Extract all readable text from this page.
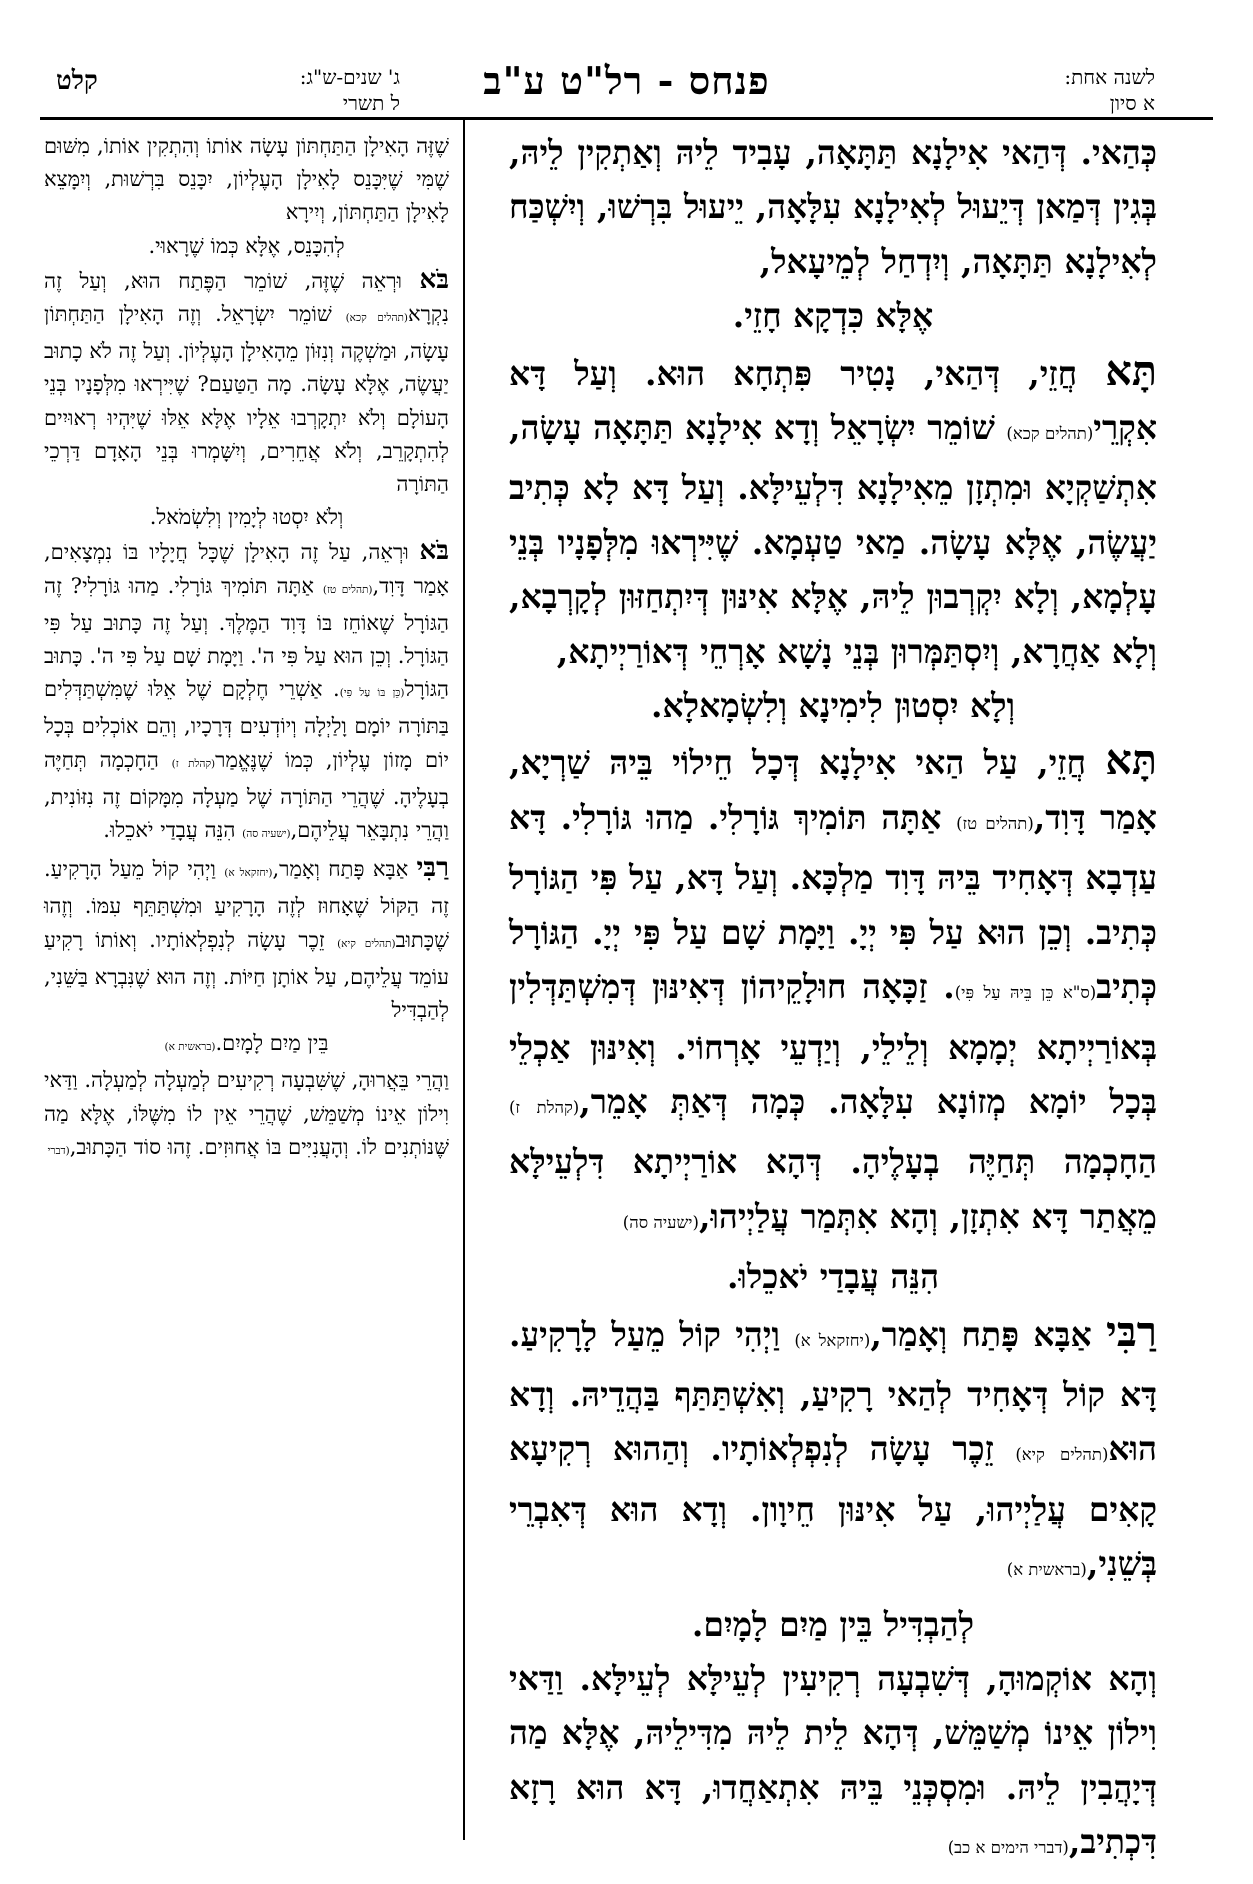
לשנה אחת:
א סיון
פנחס - רל"ט ע"ב
ג' שנים-ש"ג:
ל תשרי
קלט

כְּהַאי. דְּהַאי אִילָנָא תַּתָּאָה, עָבִיד לֵיהּ וְאַתְקִין לֵיהּ, בְּגִין דְּמַאן דְּיֵעוּל לְאִילָנָא עִלָּאָה, יֵיעוּל בִּרְשׁוּ, וְיִשְׁכַּח לְאִילָנָא תַּתָּאָה, וְיִדְחַל לְמֵיעָאל,

אֶלָּא כִּדְקָא חָזֵי.

תָּא חֲזֵי, דְּהַאי, נָטִיר פִּתְחָא הוּא. וְעַל דָּא אִקְרֵי(תהלים קכא) שׁוֹמֵר יִשְׂרָאֵל וְדָא אִילָנָא תַּתָּאָה עָשָׂה, אִתְשַׁקְיָא וּמִתְזָן מֵאִילָנָא דִּלְעֵילָּא. וְעַל דָּא לָא כְּתִיב יַעֲשֶׂה, אֶלָּא עָשָׂה. מַאי טַעְמָא. שֶׁיִּירְאוּ מִלְּפָנָיו בְּנֵי עָלְמָא, וְלָא יִקְרְבוּן לֵיהּ, אֶלָּא אִינּוּן דְּיִתְחַזּוּן לְקָרְבָא, וְלָא אַחֲרָא, וְיִסְתַּמְּרוּן בְּנֵי נָשָׁא אָרְחֵי דְּאוֹרַיְיתָא,

וְלָא יִסְטוּן לִימִינָא וְלִשְׂמָאלָא.

תָּא חֲזֵי, עַל הַאי אִילָנָא דְּכָל חֵילוֹי בֵּיהּ שַׁרְיָא, אָמַר דָּוִד,(תהלים טז) אַתָּה תּוֹמִיךְ גּוֹרָלִי. מַהוּ גּוֹרָלִי. דָּא עַדְבָא דְּאָחִיד בֵּיהּ דָּוִד מַלְכָּא. וְעַל דָּא, עַל פִּי הַגּוֹרָל כְּתִיב. וְכֵן הוּא עַל פִּי יְיָ. וַיָּמָת שָׁם עַל פִּי יְיָ. הַגּוֹרָל כְּתִיב(ס"א כֵּן בֵּיהּ עַל פִּי). זַכָּאָה חוּלָקֵיהוֹן דְּאִינּוּן דְּמִשְׁתַּדְּלִין בְּאוֹרַיְיתָא יְמָמָא וְלֵילֵי, וְיַדְעֵי אָרְחוֹי. וְאִינּוּן אַכְלֵי בְּכָל יוֹמָא מְזוֹנָא עִלָּאָה. כְּמָה דְּאַתְּ אָמֵר,(קהלת ז) הַחָכְמָה תְּחַיֶּה בְעָלֶיהָ. דְּהָא אוֹרַיְיתָא דִּלְעֵילָּא מֵאֲתַר דָּא אִתְזָן, וְהָא אִתְּמַר עֲלַיְיהוּ,(ישעיה סה)

הִנֵּה עֲבָדַי יֹאכֵלוּ.

רַבִּי אַבָּא פָּתַח וְאָמַר,(יחזקאל א) וַיְהִי קוֹל מֵעַל לָרָקִיעַ. דָּא קוֹל דְּאָחִיד לְהַאי רָקִיעַ, וְאִשְׁתַּתַּף בַּהֲדֵיהּ. וְדָא הוּא(תהלים קיא) זֵכֶר עָשָׂה לְנִפְלְאוֹתָיו. וְהַהוּא רְקִיעָא קָאִים עֲלַיְיהוּ, עַל אִינּוּן חֵיוָון. וְדָא הוּא דְּאִבְרֵי בְּשֵׁנִי,(בראשית א)

לְהַבְדִּיל בֵּין מַיִם לָמָיִם.

וְהָא אוֹקְמוּהָ, דְּשִׁבְעָה רְקִיעִין לְעֵילָּא לְעֵילָּא. וַדַּאי וִילוֹן אֵינוֹ מְשַׁמֵּשׁ, דְּהָא לֵית לֵיהּ מִדִּילֵיהּ, אֶלָּא מַה דְּיָהֲבִין לֵיהּ. וּמִסְכְּנֵי בֵּיהּ אִתְאַחֲדוּ, דָּא הוּא רָזָא דִּכְתִיב,(דברי הימים א כב)

שֶׁזֶּה הָאִילָן הַתַּחְתּוֹן עָשָׂה אוֹתוֹ וְהִתְקִין אוֹתוֹ, מִשּׁוּם שֶׁמִּי שֶׁיִּכָּנֵס לָאִילָן הָעֶלְיוֹן, יִכָּנֵס בִּרְשׁוּת, וְיִמָּצֵא לָאִילָן הַתַּחְתּוֹן, וְיִירָא

לְהִכָּנֵס, אֶלָּא כְּמוֹ שֶׁרָאוּי.

בֹּא וּרְאֵה שֶׁזֶּה, שׁוֹמֵר הַפֶּתַח הוּא, וְעַל זֶה נִקְרָא(תהלים קכא) שׁוֹמֵר יִשְׂרָאֵל. וְזֶה הָאִילָן הַתַּחְתּוֹן עָשָׂה, וּמַשְׁקֶה וְנִזּוֹן מֵהָאִילָן הָעֶלְיוֹן. וְעַל זֶה לֹא כָתוּב יַעֲשֶׂה, אֶלָּא עָשָׂה. מָה הַטַּעַם? שֶׁיִּירְאוּ מִלְּפָנָיו בְּנֵי הָעוֹלָם וְלֹא יִתְקָרְבוּ אֵלָיו אֶלָּא אֵלּוּ שֶׁיִּהְיוּ רְאוּיִים לְהִתְקָרֵב, וְלֹא אֲחֵרִים, וְיִשָּׁמְרוּ בְּנֵי הָאָדָם דַּרְכֵי הַתּוֹרָה

וְלֹא יִסְטוּ לְיָמִין וְלִשְׂמֹאל.

בֹּא וּרְאֵה, עַל זֶה הָאִילָן שֶׁכָּל חֲיָלָיו בּוֹ נִמְצָאִים, אָמַר דָּוִד,(תהלים טז) אַתָּה תּוֹמִיךְ גּוֹרָלִי. מַהוּ גּוֹרָלִי? זֶה הַגּוֹרָל שֶׁאוֹחֵז בּוֹ דָּוִד הַמֶּלֶךְ. וְעַל זֶה כָּתוּב עַל פִּי הַגּוֹרָל. וְכֵן הוּא עַל פִּי ה'. וַיָּמָת שָׁם עַל פִּי ה'. כָּתוּב הַגּוֹרָל(כֵּן בּוֹ עַל פִּי). אַשְׁרֵי חֶלְקָם שֶׁל אֵלּוּ שֶׁמִּשְׁתַּדְּלִים בַּתּוֹרָה יוֹמָם וָלַיְלָה וְיוֹדְעִים דְּרָכָיו, וְהֵם אוֹכְלִים בְּכָל יוֹם מָזוֹן עֶלְיוֹן, כְּמוֹ שֶׁנֶּאֱמַר(קהלת ז) הַחָכְמָה תְּחַיֶּה בְעָלֶיהָ. שֶׁהֲרֵי הַתּוֹרָה שֶׁל מַעְלָה מִמָּקוֹם זֶה נִזּוֹנִית, וַהֲרֵי נִתְבָּאֵר עֲלֵיהֶם,(ישעיה סה) הִנֵּה עֲבָדַי יֹאכֵלוּ.

רַבִּי אַבָּא פָּתַח וְאָמַר,(יחזקאל א) וַיְהִי קוֹל מֵעַל הָרָקִיעַ. זֶה הַקּוֹל שֶׁאָחוּז לְזֶה הָרָקִיעַ וּמִשְׁתַּתֵּף עִמּוֹ. וְזֶהוּ שֶׁכָּתוּב(תהלים קיא) זֵכֶר עָשָׂה לְנִפְלְאוֹתָיו. וְאוֹתוֹ רָקִיעַ עוֹמֵד עֲלֵיהֶם, עַל אוֹתָן חַיּוֹת. וְזֶה הוּא שֶׁנִּבְרָא בַּשֵּׁנִי, לְהַבְדִּיל

בֵּין מַיִם לָמָיִם.(בראשית א)

וַהֲרֵי בֵּאֲרוּהָ, שֶׁשִּׁבְעָה רְקִיעִים לְמַעְלָה לְמַעְלָה. וַדַּאי וִילוֹן אֵינוֹ מְשַׁמֵּשׁ, שֶׁהֲרֵי אֵין לוֹ מִשֶּׁלּוֹ, אֶלָּא מַה שֶּׁנּוֹתְנִים לוֹ. וְהָעֲנִיִּים בּוֹ אֲחוּזִים. זֶהוּ סוֹד הַכָּתוּב,(דברי
